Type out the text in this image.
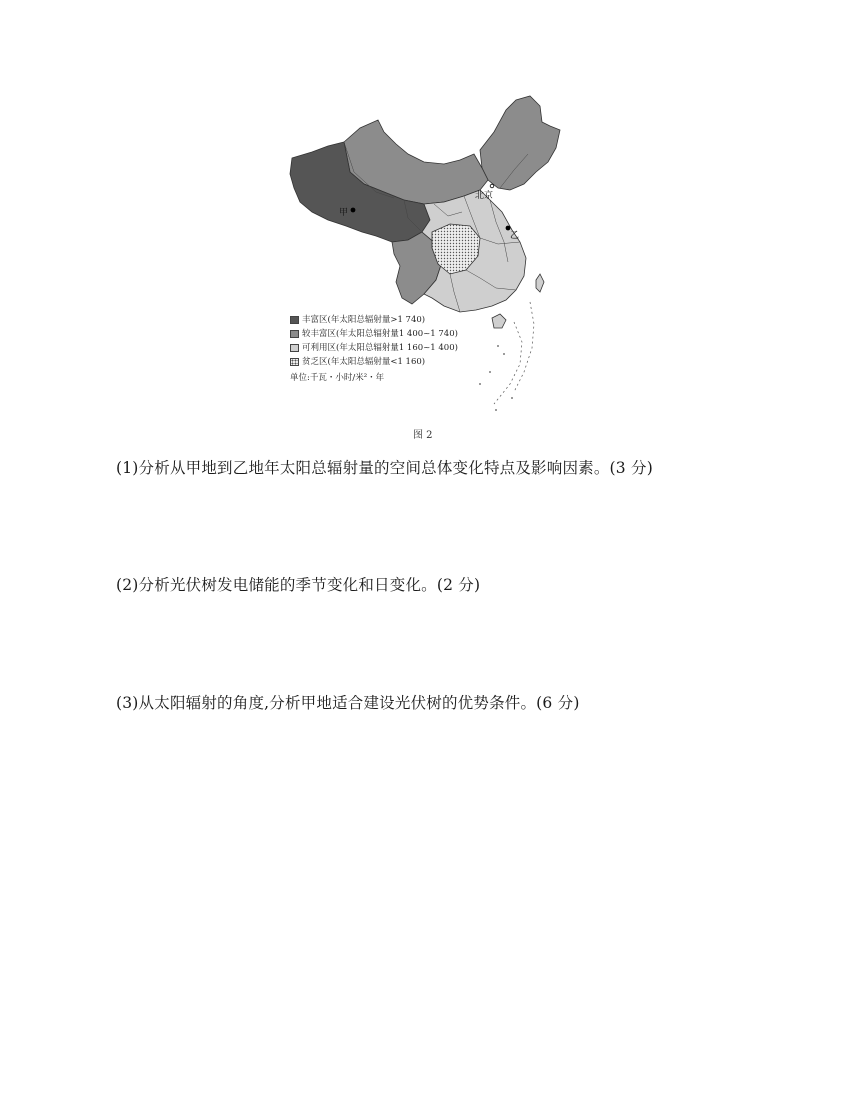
甲
乙
北京
丰富区(年太阳总辐射量>1 740)
较丰富区(年太阳总辐射量1 400~1 740)
可利用区(年太阳总辐射量1 160~1 400)
贫乏区(年太阳总辐射量<1 160)
单位:千瓦・小时/米²・年
图 2
(1)分析从甲地到乙地年太阳总辐射量的空间总体变化特点及影响因素。(3 分)
(2)分析光伏树发电储能的季节变化和日变化。(2 分)
(3)从太阳辐射的角度,分析甲地适合建设光伏树的优势条件。(6 分)
